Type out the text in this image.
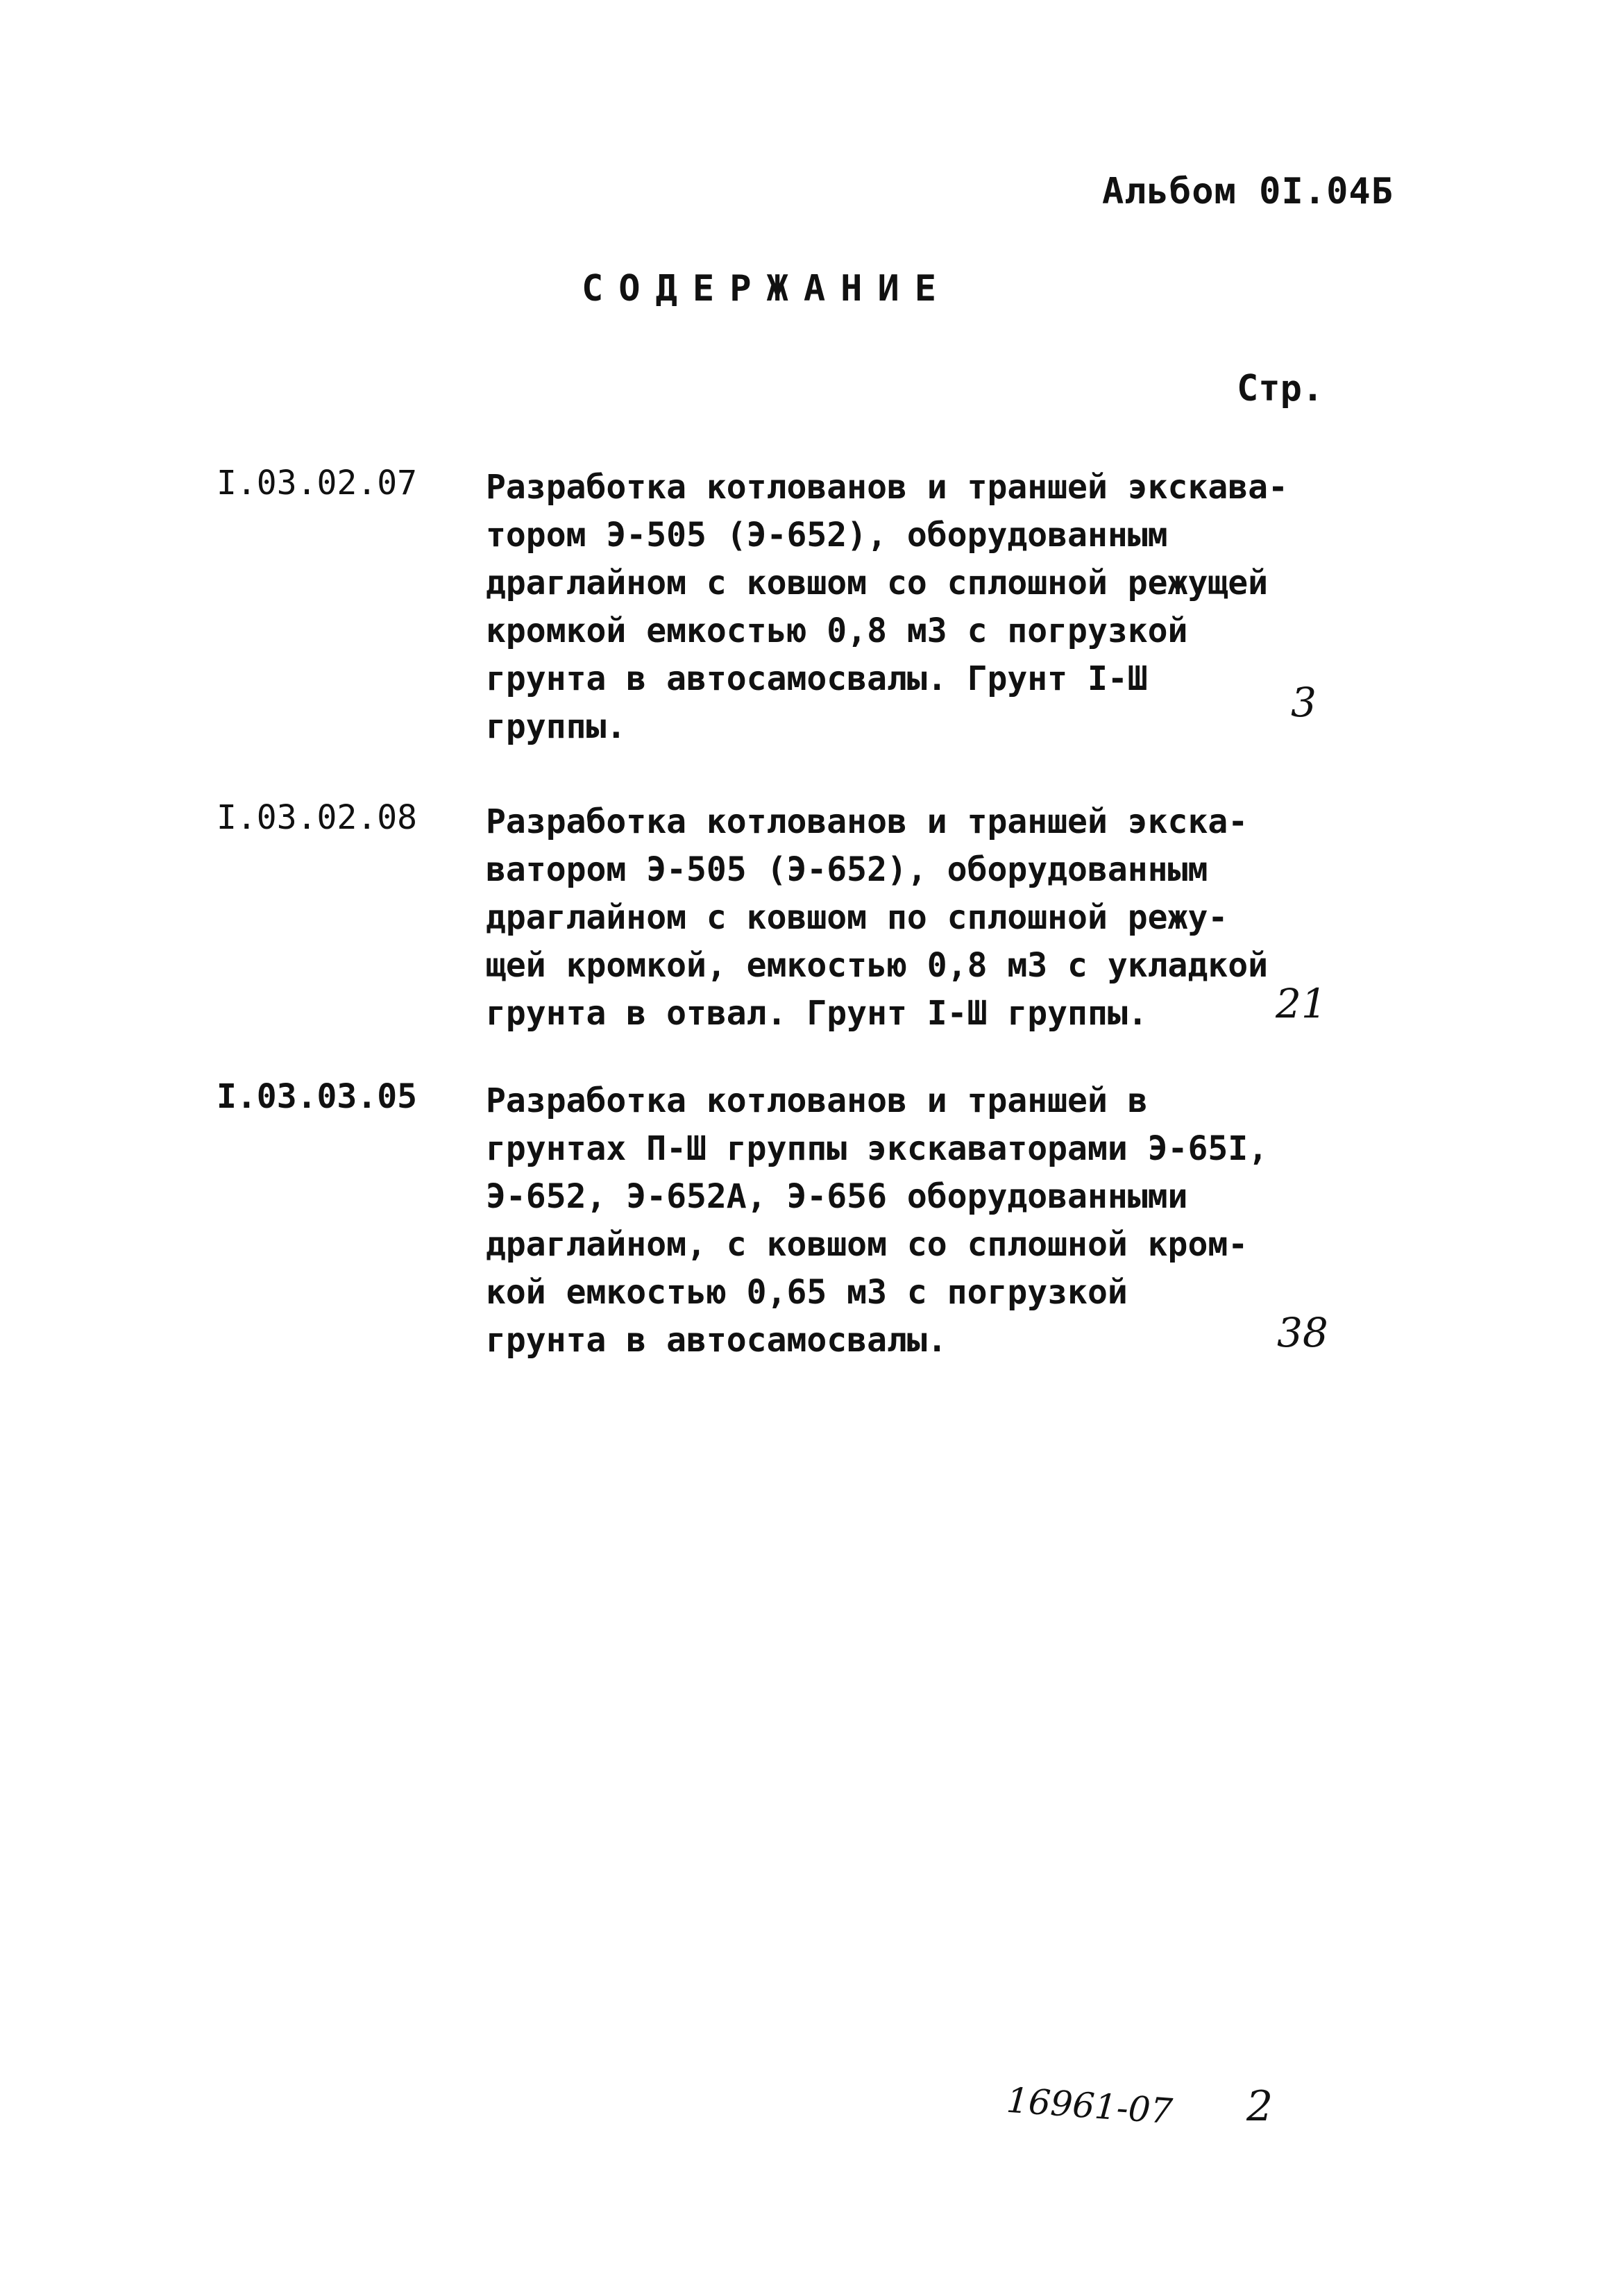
Альбом 0I.04Б
СОДЕРЖАНИЕ
Стр.
I.03.02.07 Разработка котлованов и траншей экскава-
тором Э-505 (Э-652), оборудованным
драглайном с ковшом со сплошной режущей
кромкой емкостью 0,8 м3 с погрузкой
грунта в автосамосвалы. Грунт I-Ш
группы.
3
I.03.02.08 Разработка котлованов и траншей экска-
ватором Э-505 (Э-652), оборудованным
драглайном с ковшом по сплошной режу-
щей кромкой, емкостью 0,8 м3 с укладкой
грунта в отвал. Грунт I-Ш группы.	21
I.03.03.05 Разработка котлованов и траншей в
грунтах П-Ш группы экскаваторами Э-65I,
Э-652, Э-652А, Э-656 оборудованными
драглайном, с ковшом со сплошной кром-
кой емкостью 0,65 м3 с погрузкой
грунта в автосамосвалы.	38
16961-07 2
